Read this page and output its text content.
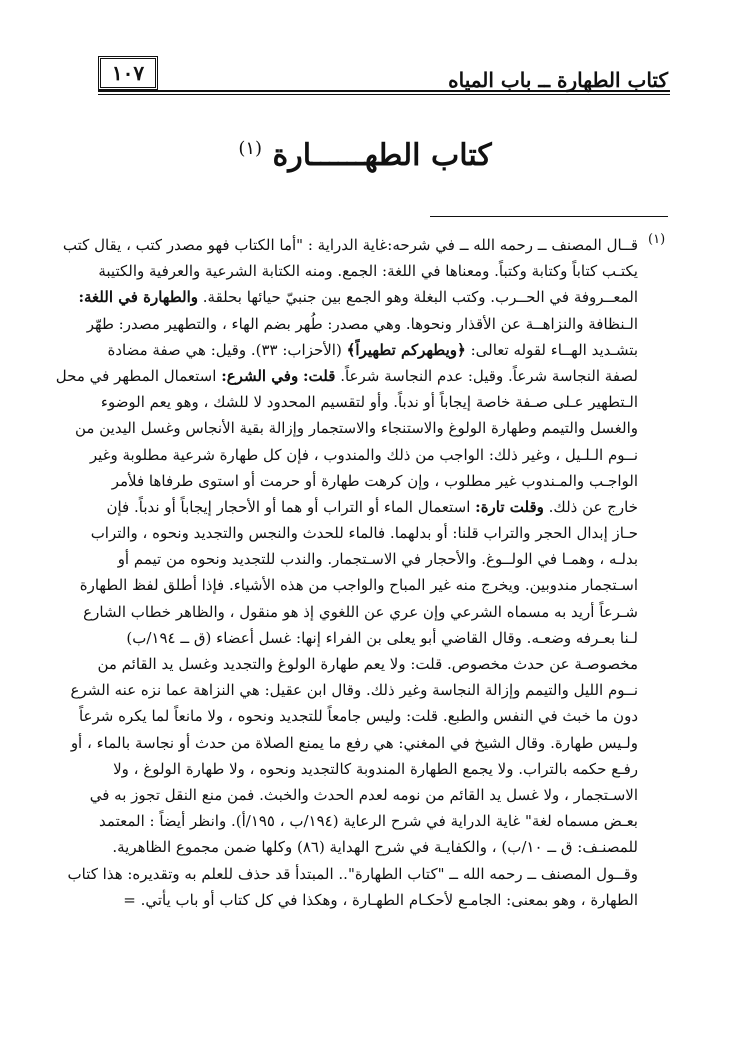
١٠٧	كتاب الطهارة ــ باب المياه
كتاب الطهــــــارة $^{(١)}$
(١)
قــال المصنف ــ رحمه الله ــ في شرحه:غاية الدراية : "أما الكتاب فهو مصدر كتب ، يقال كتب
يكتـب كتاباً وكتابة وكتباً. ومعناها في اللغة: الجمع. ومنه الكتابة الشرعية والعرفية والكتيبة
المعــروفة في الحــرب. وكتب البغلة وهو الجمع بين جنبيّ حيائها بحلقة. والطهارة في اللغة:
الـنظافة والنزاهــة عن الأقذار ونحوها. وهي مصدر: طُهر بضم الهاء ، والتطهير مصدر: طهّر
بتشـديد الهــاء لقوله تعالى: ﴿ويطهركم تطهيراً﴾ (الأحزاب: ٣٣). وقيل: هي صفة مضادة
لصفة النجاسة شرعاً. وقيل: عدم النجاسة شرعاً. قلت: وفي الشرع: استعمال المطهر في محل
الـتطهير عـلى صـفة خاصة إيجاباً أو ندباً. وأو لتقسيم المحدود لا للشك ، وهو يعم الوضوء
والغسل والتيمم وطهارة الولوغ والاستنجاء والاستجمار وإزالة بقية الأنجاس وغسل اليدين من
نــوم الـلـيل ، وغير ذلك: الواجب من ذلك والمندوب ، فإن كل طهارة شرعية مطلوبة وغير
الواجـب والمـندوب غير مطلوب ، وإن كرهت طهارة أو حرمت أو استوى طرفاها فلأمر
خارج عن ذلك. وقلت تارة: استعمال الماء أو التراب أو هما أو الأحجار إيجاباً أو ندباً. فإن
حـاز إبدال الحجر والتراب قلنا: أو بدلهما. فالماء للحدث والنجس والتجديد ونحوه ، والتراب
بدلـه ، وهمـا في الولــوغ. والأحجار في الاسـتجمار. والندب للتجديد ونحوه من تيمم أو
اسـتجمار مندوبين. ويخرج منه غير المباح والواجب من هذه الأشياء. فإذا أطلق لفظ الطهارة
شـرعاً أريد به مسماه الشرعي وإن عري عن اللغوي إذ هو منقول ، والظاهر خطاب الشارع
لـنا بعـرفه وضعـه. وقال القاضي أبو يعلى بن الفراء إنها: غسل أعضاء (ق ــ ١٩٤/ب)
مخصوصـة عن حدث مخصوص. قلت: ولا يعم طهارة الولوغ والتجديد وغسل يد القائم من
نــوم الليل والتيمم وإزالة النجاسة وغير ذلك. وقال ابن عقيل: هي النزاهة عما نزه عنه الشرع
دون ما خبث في النفس والطبع. قلت: وليس جامعاً للتجديد ونحوه ، ولا مانعاً لما يكره شرعاً
ولـيس طهارة. وقال الشيخ في المغني: هي رفع ما يمنع الصلاة من حدث أو نجاسة بالماء ، أو
رفـع حكمه بالتراب. ولا يجمع الطهارة المندوبة كالتجديد ونحوه ، ولا طهارة الولوغ ، ولا
الاسـتجمار ، ولا غسل يد القائم من نومه لعدم الحدث والخبث. فمن منع النقل تجوز به في
بعـض مسماه لغة" غاية الدراية في شرح الرعاية (١٩٤/ب ، ١٩٥/أ). وانظر أيضاً : المعتمد
للمصنـف: ق ــ ١٠/ب) ، والكفايـة في شرح الهداية (٨٦) وكلها ضمن مجموع الظاهرية.
وقــول المصنف ــ رحمه الله ــ "كتاب الطهارة".. المبتدأ قد حذف للعلم به وتقديره: هذا كتاب
الطهارة ، وهو بمعنى: الجامـع لأحكـام الطهـارة ، وهكذا في كل كتاب أو باب يأتي. =
